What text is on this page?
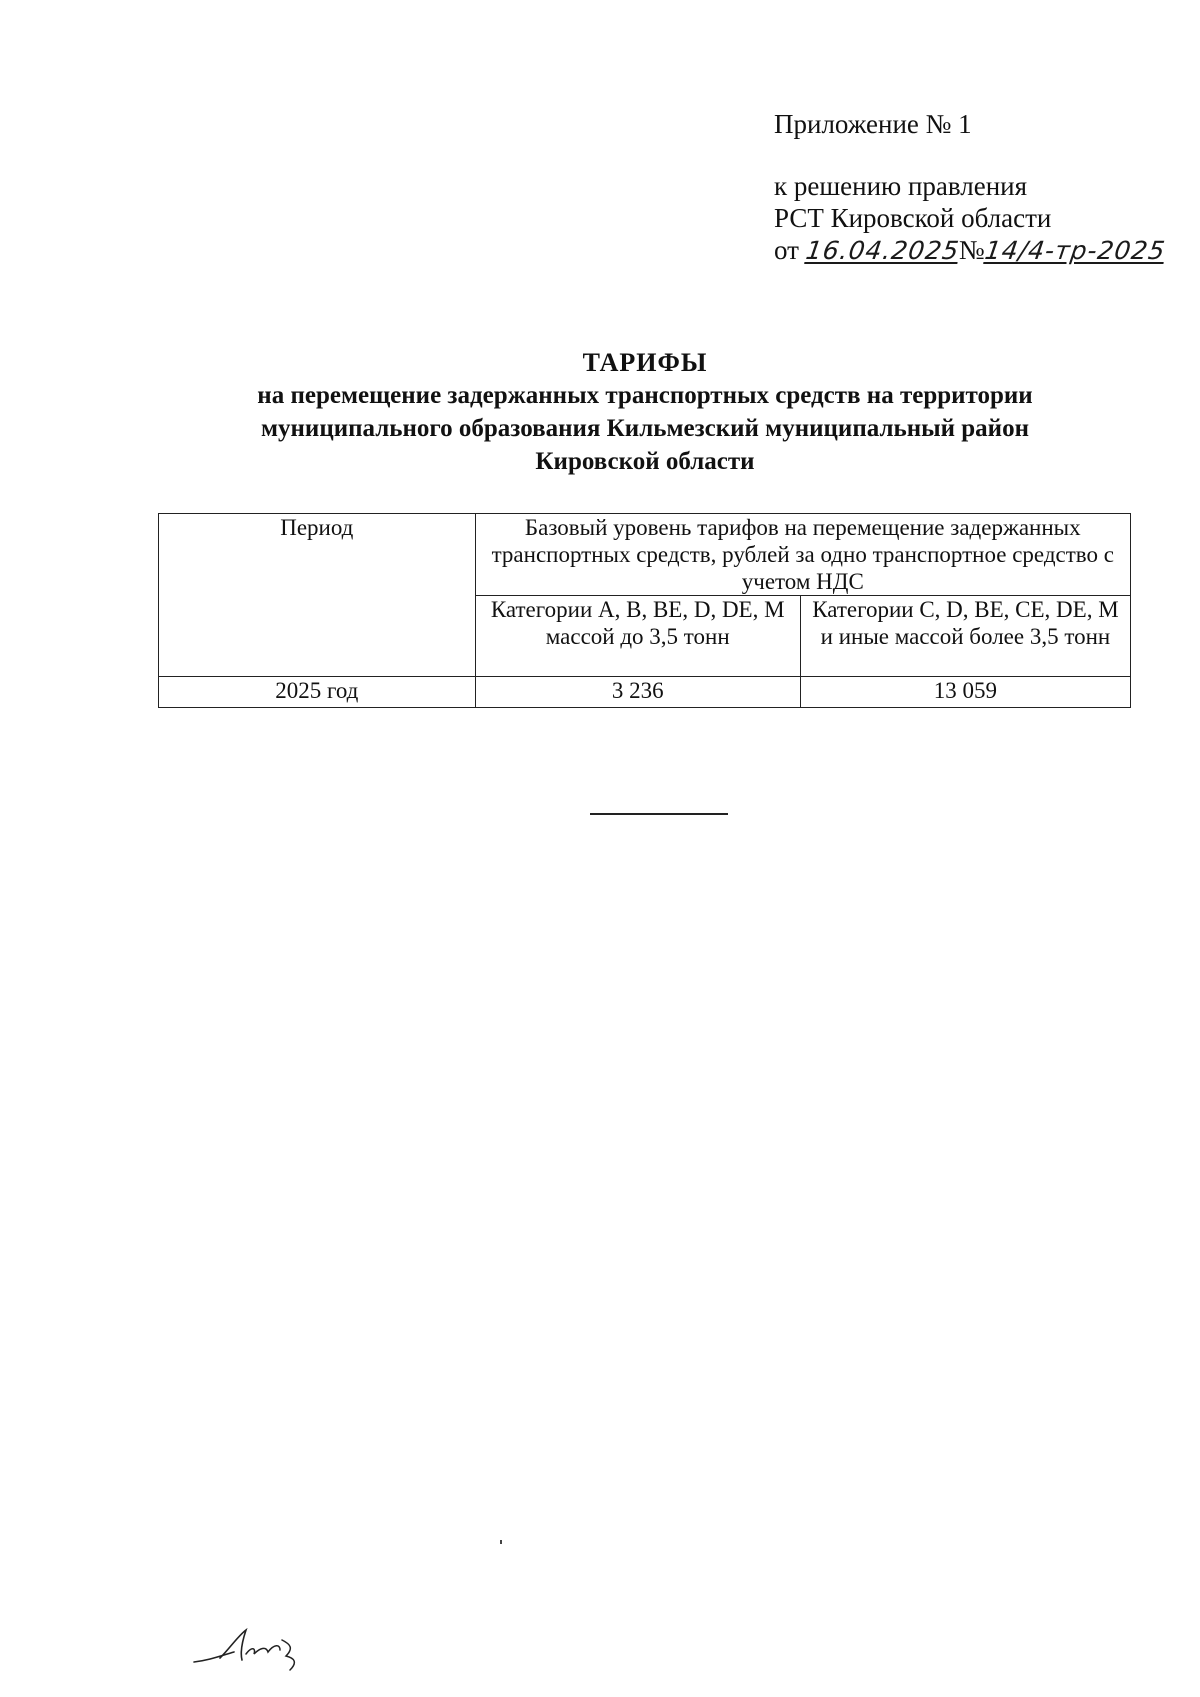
Приложение № 1
к решению правления
РСТ Кировской области
от 16.04.2025№14/4-тр-2025
ТАРИФЫ
на перемещение задержанных транспортных средств на территории
муниципального образования Кильмезский муниципальный район
Кировской области
Период	Базовый уровень тарифов на перемещение задержанных транспортных средств, рублей за одно транспортное средство с учетом НДС	
	Категории A, B, BE, D, DE, M массой до 3,5 тонн	Категории C, D, BE, CE, DE, M и иные массой более 3,5 тонн
2025 год	3 236	13 059
